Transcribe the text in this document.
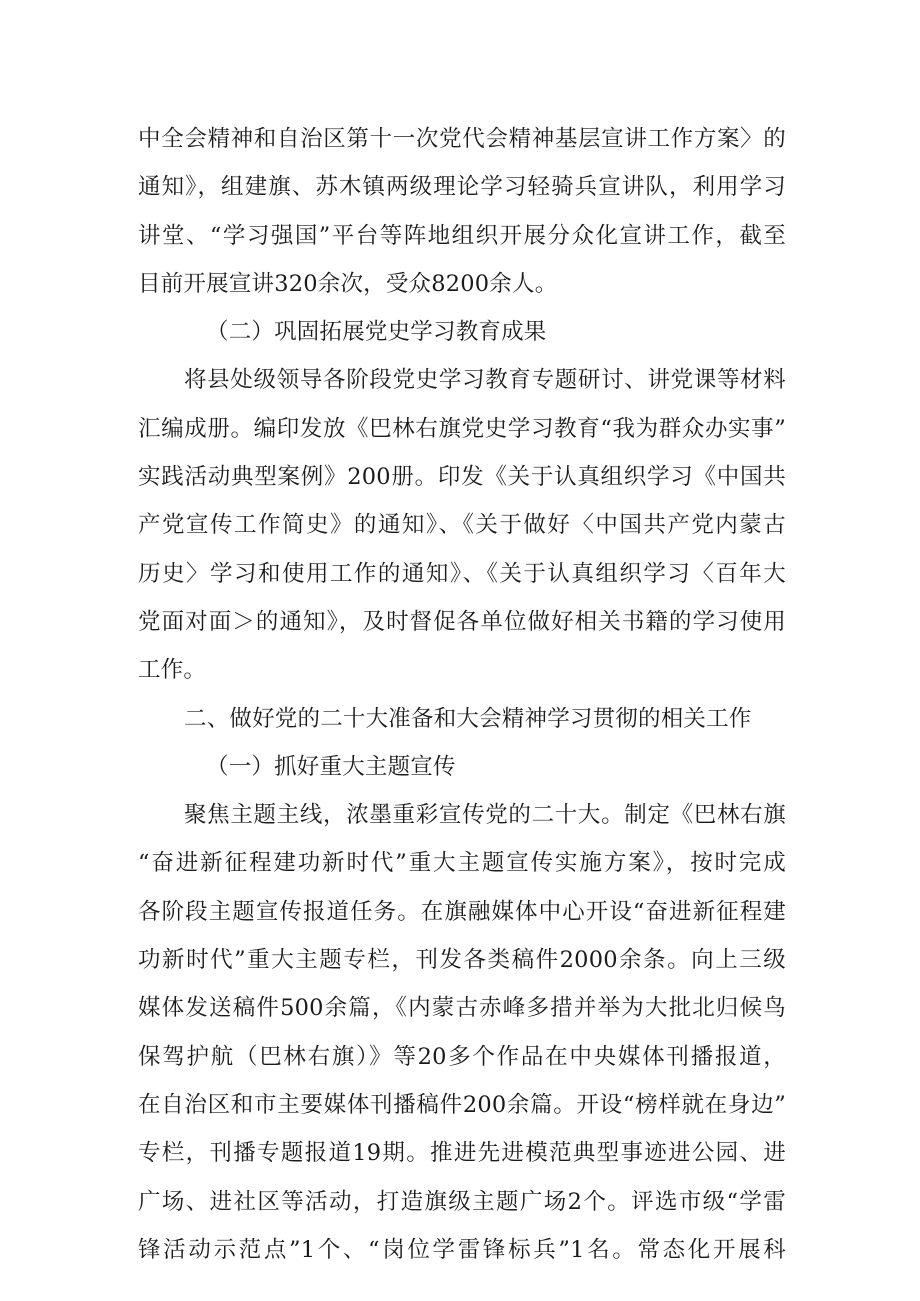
中全会精神和自治区第十一次党代会精神基层宣讲工作方案〉的
通知》，组建旗、苏木镇两级理论学习轻骑兵宣讲队，利用学习
讲堂、“学习强国”平台等阵地组织开展分众化宣讲工作，截至
目前开展宣讲320余次，受众8200余人。
（二）巩固拓展党史学习教育成果
将县处级领导各阶段党史学习教育专题研讨、讲党课等材料
汇编成册。编印发放《巴林右旗党史学习教育“我为群众办实事”
实践活动典型案例》200册。印发《关于认真组织学习《中国共
产党宣传工作简史》的通知》、《关于做好〈中国共产党内蒙古
历史〉学习和使用工作的通知》、《关于认真组织学习〈百年大
党面对面＞的通知》，及时督促各单位做好相关书籍的学习使用
工作。
二、做好党的二十大准备和大会精神学习贯彻的相关工作
（一）抓好重大主题宣传
聚焦主题主线，浓墨重彩宣传党的二十大。制定《巴林右旗
“奋进新征程建功新时代”重大主题宣传实施方案》，按时完成
各阶段主题宣传报道任务。在旗融媒体中心开设“奋进新征程建
功新时代”重大主题专栏，刊发各类稿件2000余条。向上三级
媒体发送稿件500余篇，《内蒙古赤峰多措并举为大批北归候鸟
保驾护航（巴林右旗）》等20多个作品在中央媒体刊播报道，
在自治区和市主要媒体刊播稿件200余篇。开设“榜样就在身边”
专栏，刊播专题报道19期。推进先进模范典型事迹进公园、进
广场、进社区等活动，打造旗级主题广场2个。评选市级“学雷
锋活动示范点”1个、“岗位学雷锋标兵”1名。常态化开展科
